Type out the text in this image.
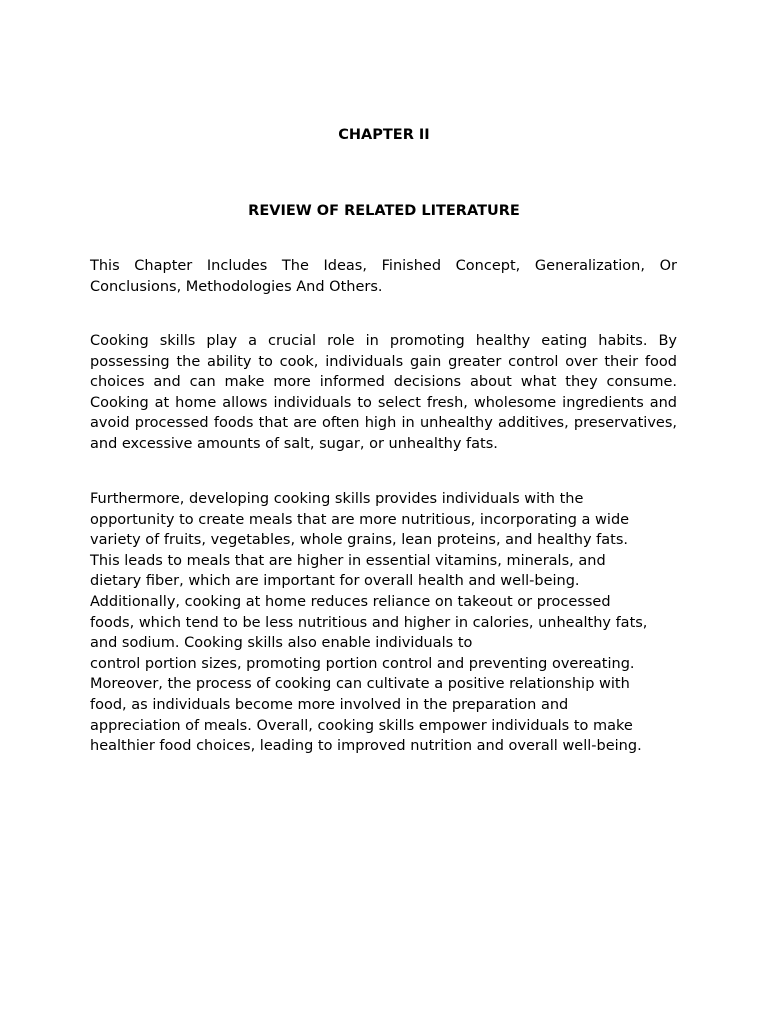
CHAPTER II
REVIEW OF RELATED LITERATURE

This Chapter Includes The Ideas, Finished Concept, Generalization, Or Conclusions, Methodologies And Others.

Cooking skills play a crucial role in promoting healthy eating habits. By possessing the ability to cook, individuals gain greater control over their food choices and can make more informed decisions about what they consume. Cooking at home allows individuals to select fresh, wholesome ingredients and avoid processed foods that are often high in unhealthy additives, preservatives, and excessive amounts of salt, sugar, or unhealthy fats.

Furthermore, developing cooking skills provides individuals with the
opportunity to create meals that are more nutritious, incorporating a wide
variety of fruits, vegetables, whole grains, lean proteins, and healthy fats.
This leads to meals that are higher in essential vitamins, minerals, and
dietary fiber, which are important for overall health and well-being.
Additionally, cooking at home reduces reliance on takeout or processed
foods, which tend to be less nutritious and higher in calories, unhealthy fats,
and sodium. Cooking skills also enable individuals to
control portion sizes, promoting portion control and preventing overeating.
Moreover, the process of cooking can cultivate a positive relationship with
food, as individuals become more involved in the preparation and
appreciation of meals. Overall, cooking skills empower individuals to make
healthier food choices, leading to improved nutrition and overall well-being.
